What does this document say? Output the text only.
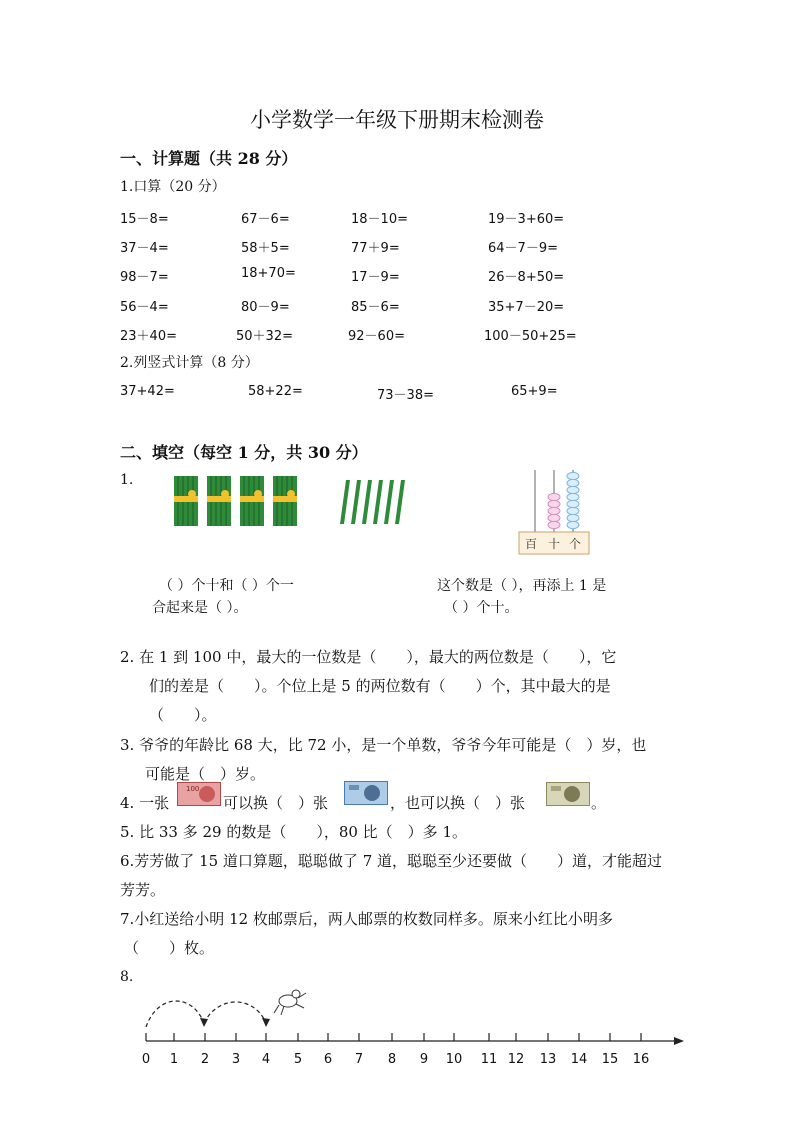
小学数学一年级下册期末检测卷
一、计算题（共 28 分）
1.口算（20 分）
15－8=	67－6=	18－10=	19－3+60=
37－4=	58＋5=	77＋9=	64－7－9=
98－7=	18+70=	17－9=	26－8+50=
56－4=	80－9=	85－6=	35+7－20=
23＋40=	50＋32=	92－60=	100－50+25=
2.列竖式计算（8 分）
37+42=	58+22=	73－38=	65+9=
二、填空（每空 1 分，共 30 分）
1.
百 十 个
（ ）个十和（ ）个一
合起来是（ ）。
这个数是（ ），再添上 1 是
（ ）个十。
2. 在 1 到 100 中，最大的一位数是（　　），最大的两位数是（　　），它
们的差是（　　）。个位上是 5 的两位数有（　　）个，其中最大的是
（　　）。
3. 爷爷的年龄比 68 大，比 72 小，是一个单数，爷爷今年可能是（　）岁，也
可能是（　）岁。
4. 一张
100
可以换（　）张	，也可以换（　）张	。
5. 比 33 多 29 的数是（　　），80 比（　）多 1。
6.芳芳做了 15 道口算题，聪聪做了 7 道，聪聪至少还要做（　　）道，才能超过
芳芳。
7.小红送给小明 12 枚邮票后，两人邮票的枚数同样多。原来小红比小明多
（　　）枚。
8.
0 1 2 3 4 5 6 7 8 9 10 11 12 13 14 15 16
